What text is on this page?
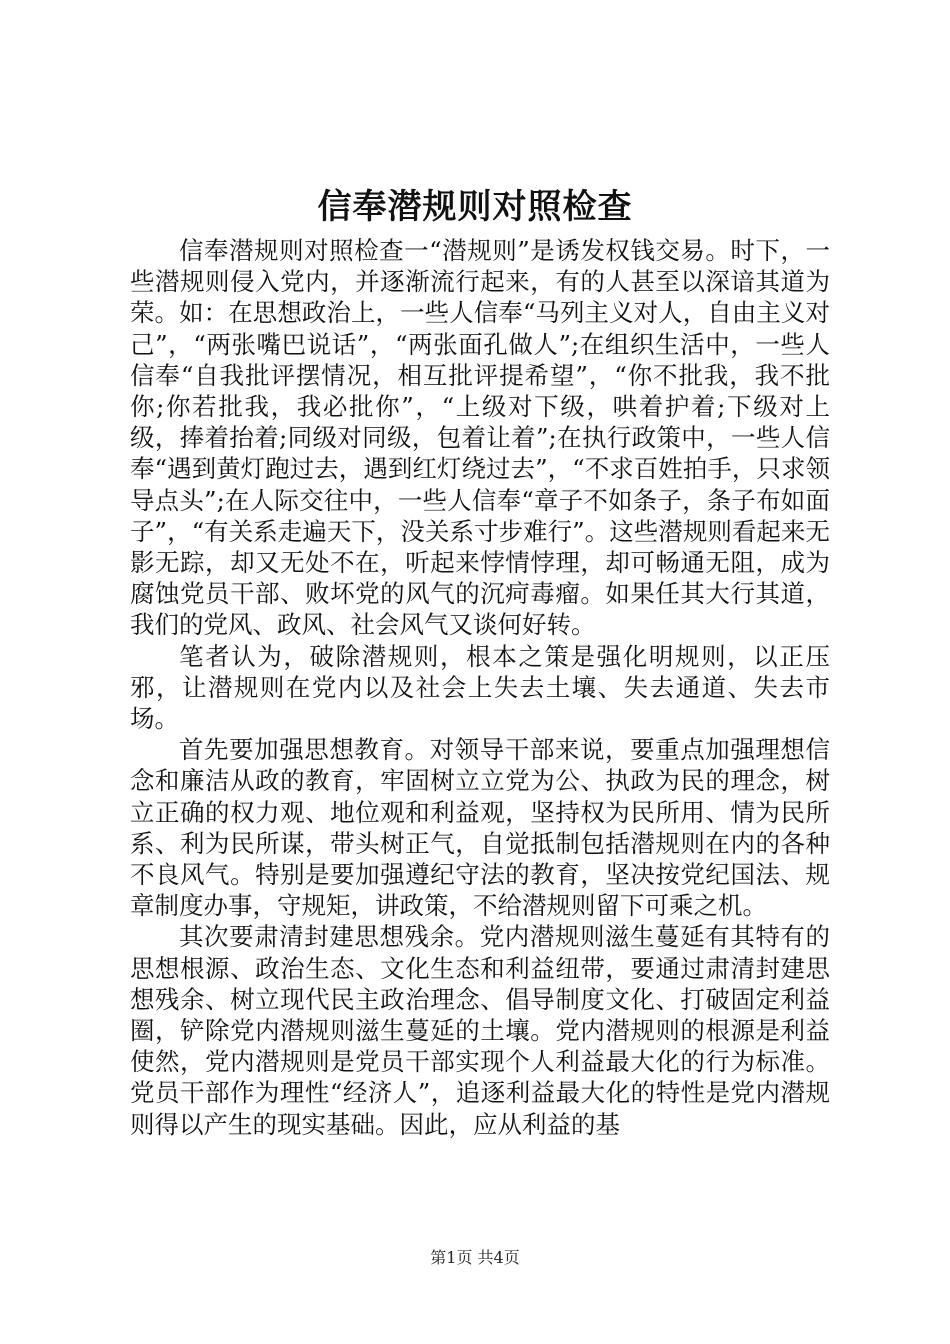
信奉潜规则对照检查

信奉潜规则对照检查一“潜规则”是诱发权钱交易。时下，一些潜规则侵入党内，并逐渐流行起来，有的人甚至以深谙其道为荣。如：在思想政治上，一些人信奉“马列主义对人，自由主义对己”，“两张嘴巴说话”，“两张面孔做人”;在组织生活中，一些人信奉“自我批评摆情况，相互批评提希望”，“你不批我，我不批你;你若批我，我必批你”，“上级对下级，哄着护着;下级对上级，捧着抬着;同级对同级，包着让着”;在执行政策中，一些人信奉“遇到黄灯跑过去，遇到红灯绕过去”，“不求百姓拍手，只求领导点头”;在人际交往中，一些人信奉“章子不如条子，条子布如面子”，“有关系走遍天下，没关系寸步难行”。这些潜规则看起来无影无踪，却又无处不在，听起来悖情悖理，却可畅通无阻，成为腐蚀党员干部、败坏党的风气的沉疴毒瘤。如果任其大行其道，我们的党风、政风、社会风气又谈何好转。

笔者认为，破除潜规则，根本之策是强化明规则，以正压邪，让潜规则在党内以及社会上失去土壤、失去通道、失去市场。

首先要加强思想教育。对领导干部来说，要重点加强理想信念和廉洁从政的教育，牢固树立立党为公、执政为民的理念，树立正确的权力观、地位观和利益观，坚持权为民所用、情为民所系、利为民所谋，带头树正气，自觉抵制包括潜规则在内的各种不良风气。特别是要加强遵纪守法的教育，坚决按党纪国法、规章制度办事，守规矩，讲政策，不给潜规则留下可乘之机。

其次要肃清封建思想残余。党内潜规则滋生蔓延有其特有的思想根源、政治生态、文化生态和利益纽带，要通过肃清封建思想残余、树立现代民主政治理念、倡导制度文化、打破固定利益圈，铲除党内潜规则滋生蔓延的土壤。党内潜规则的根源是利益使然，党内潜规则是党员干部实现个人利益最大化的行为标准。党员干部作为理性“经济人”，追逐利益最大化的特性是党内潜规则得以产生的现实基础。因此，应从利益的基

第1页 共4页
